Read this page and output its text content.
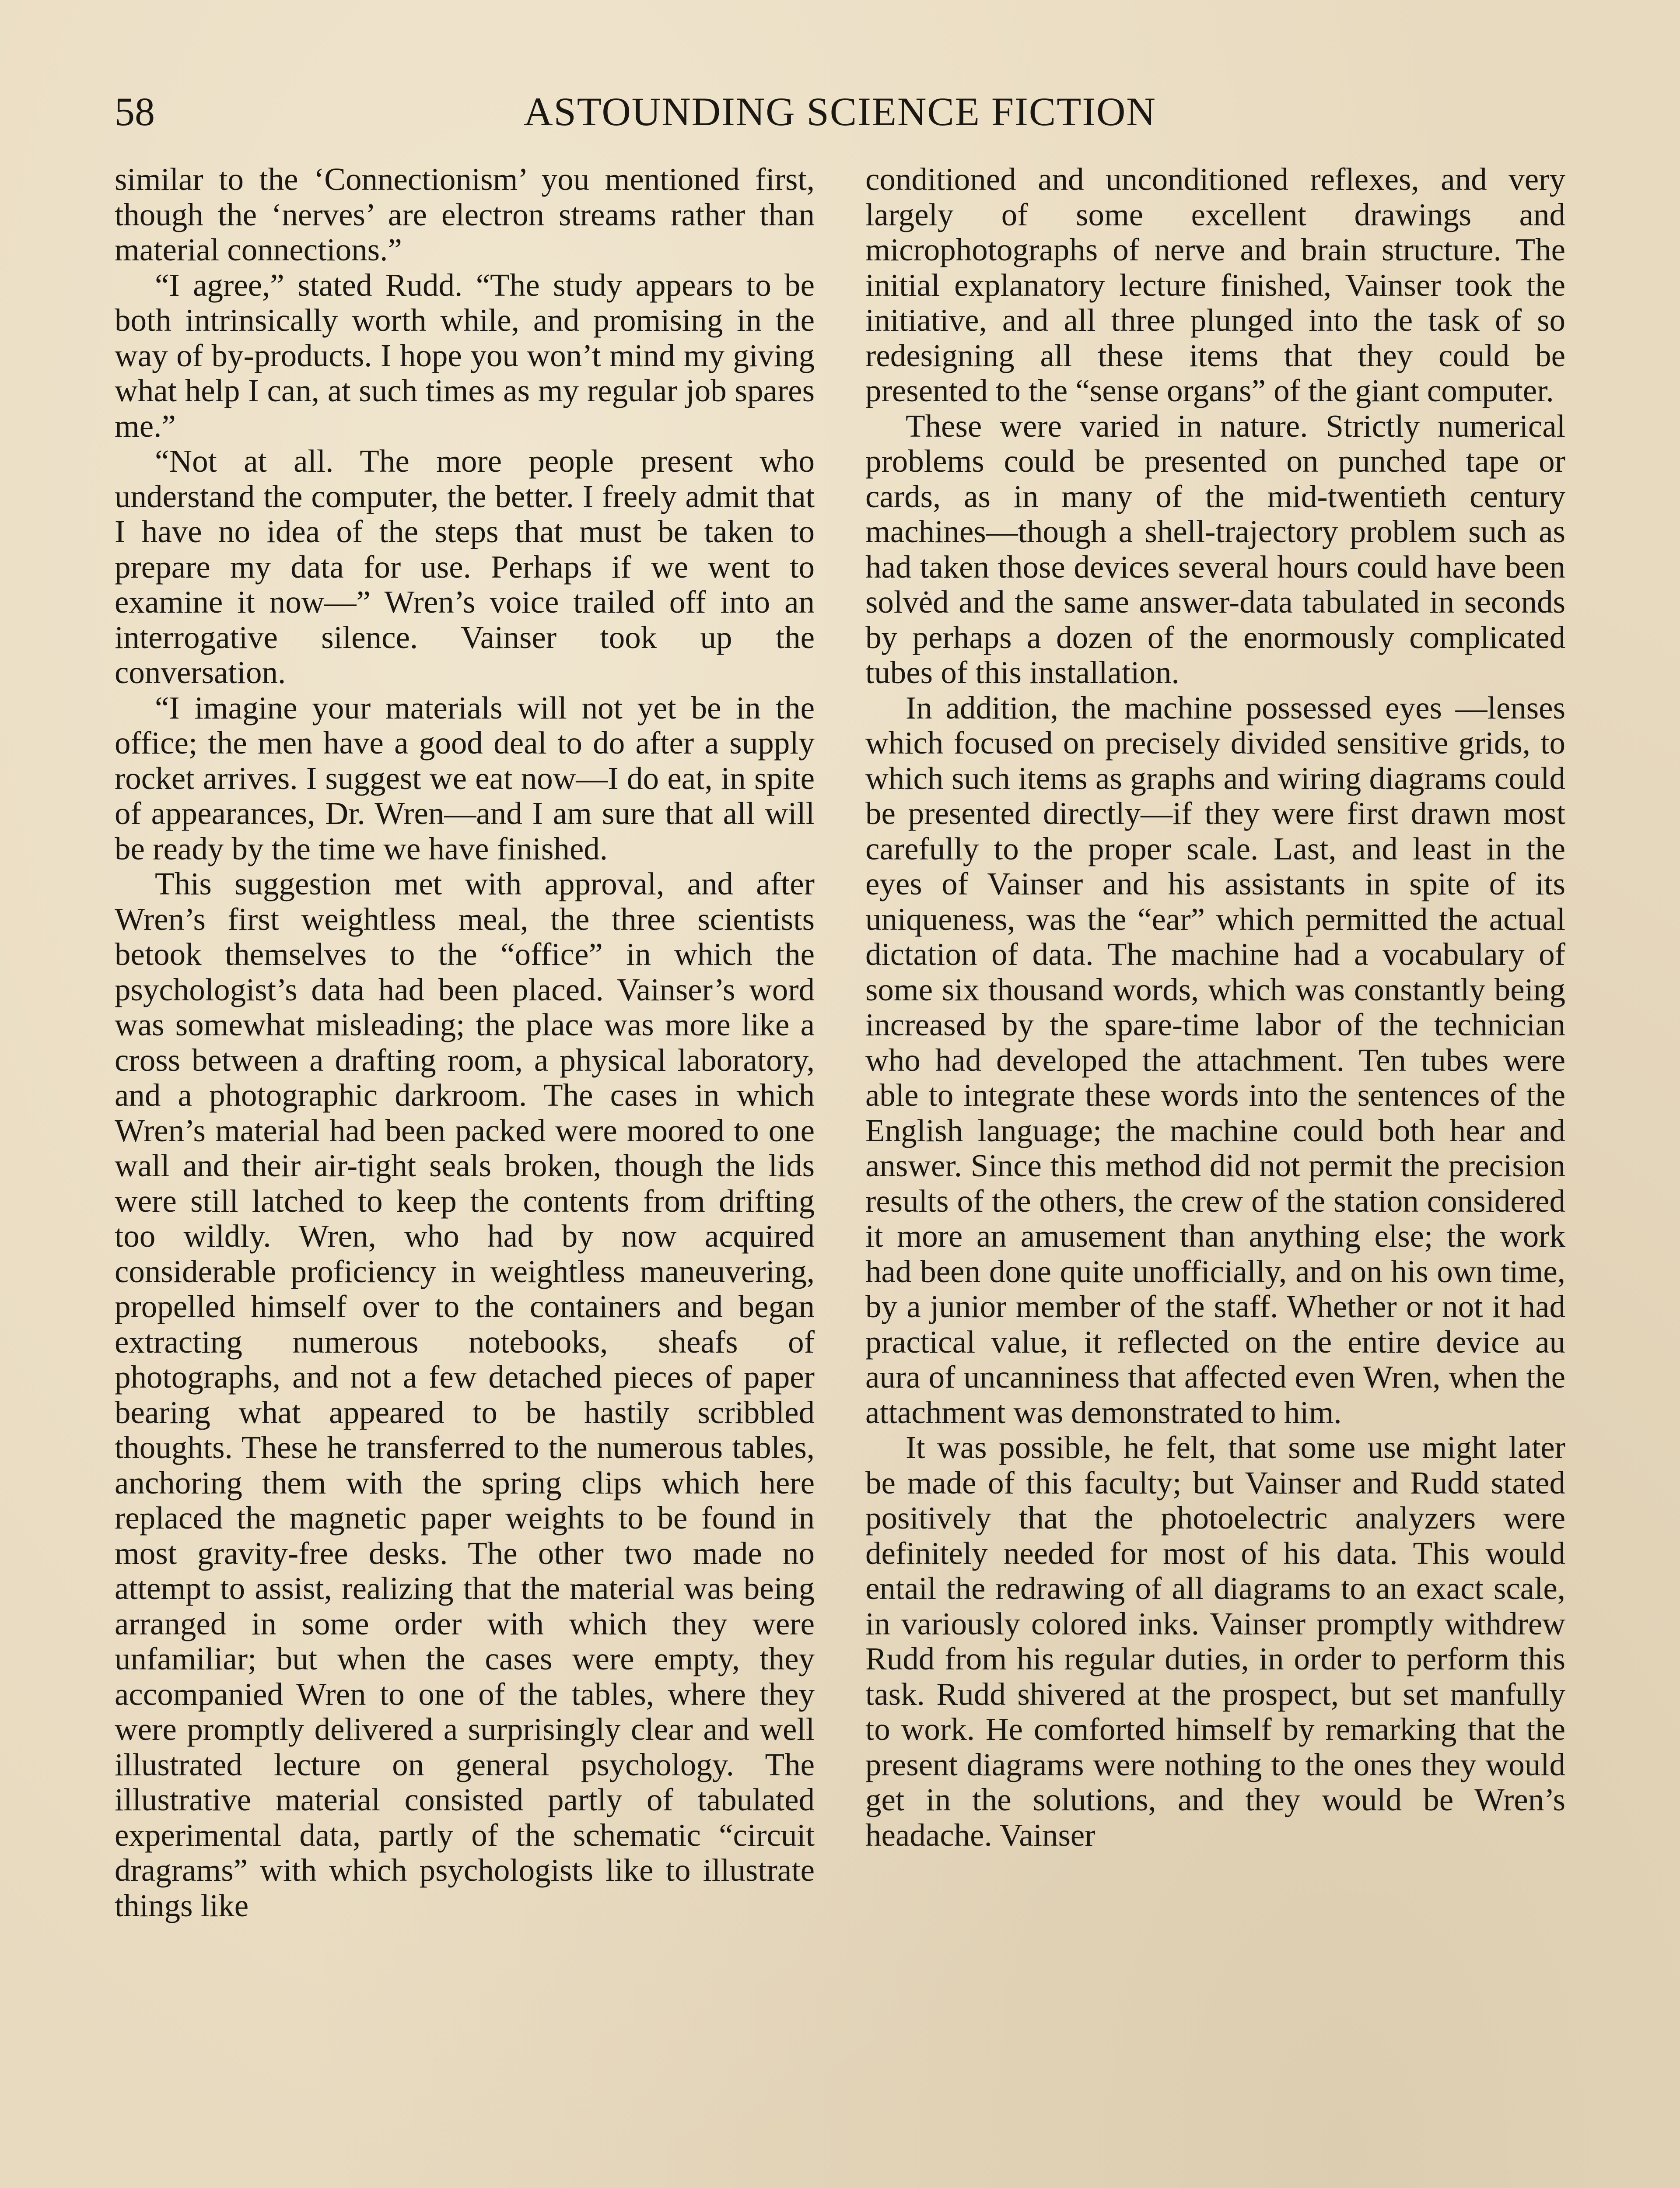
58	ASTOUNDING SCIENCE FICTION

similar to the ‘Connectionism’ you mentioned first, though the ‘nerves’ are electron streams rather than material connections.”

“I agree,” stated Rudd. “The study appears to be both intrinsically worth while, and promising in the way of by-products. I hope you won’t mind my giving what help I can, at such times as my regular job spares me.”

“Not at all. The more people present who understand the computer, the better. I freely admit that I have no idea of the steps that must be taken to prepare my data for use. Perhaps if we went to examine it now—” Wren’s voice trailed off into an interrogative silence. Vainser took up the conversation.

“I imagine your materials will not yet be in the office; the men have a good deal to do after a supply rocket arrives. I suggest we eat now—I do eat, in spite of appearances, Dr. Wren—and I am sure that all will be ready by the time we have finished.

This suggestion met with approval, and after Wren’s first weightless meal, the three scientists betook themselves to the “office” in which the psychologist’s data had been placed. Vainser’s word was somewhat misleading; the place was more like a cross between a drafting room, a physical laboratory, and a photographic darkroom. The cases in which Wren’s material had been packed were moored to one wall and their air-tight seals broken, though the lids were still latched to keep the contents from drifting too wildly. Wren, who had by now acquired considerable proficiency in weightless maneuvering, propelled himself over to the containers and began extracting numerous notebooks, sheafs of photographs, and not a few detached pieces of paper bearing what appeared to be hastily scribbled thoughts. These he transferred to the numerous tables, anchoring them with the spring clips which here replaced the magnetic paper weights to be found in most gravity-free desks. The other two made no attempt to assist, realizing that the material was being arranged in some order with which they were unfamiliar; but when the cases were empty, they accompanied Wren to one of the tables, where they were promptly delivered a surprisingly clear and well illustrated lecture on general psychology. The illustrative material consisted partly of tabulated experimental data, partly of the schematic “circuit dragrams” with which psychologists like to illustrate things like

conditioned and unconditioned reflexes, and very largely of some excellent drawings and microphotographs of nerve and brain structure. The initial explanatory lecture finished, Vainser took the initiative, and all three plunged into the task of so redesigning all these items that they could be presented to the “sense organs” of the giant computer.

These were varied in nature. Strictly numerical problems could be presented on punched tape or cards, as in many of the mid-twentieth century machines—though a shell-trajectory problem such as had taken those devices several hours could have been solvėd and the same answer-data tabulated in seconds by perhaps a dozen of the enormously complicated tubes of this installation.

In addition, the machine possessed eyes —lenses which focused on precisely divided sensitive grids, to which such items as graphs and wiring diagrams could be presented directly—if they were first drawn most carefully to the proper scale. Last, and least in the eyes of Vainser and his assistants in spite of its uniqueness, was the “ear” which permitted the actual dictation of data. The machine had a vocabulary of some six thousand words, which was constantly being increased by the spare-time labor of the technician who had developed the attachment. Ten tubes were able to integrate these words into the sentences of the English language; the machine could both hear and answer. Since this method did not permit the precision results of the others, the crew of the station considered it more an amusement than anything else; the work had been done quite unofficially, and on his own time, by a junior member of the staff. Whether or not it had practical value, it reflected on the entire device au aura of uncanniness that affected even Wren, when the attachment was demonstrated to him.

It was possible, he felt, that some use might later be made of this faculty; but Vainser and Rudd stated positively that the photoelectric analyzers were definitely needed for most of his data. This would entail the redrawing of all diagrams to an exact scale, in variously colored inks. Vainser promptly withdrew Rudd from his regular duties, in order to perform this task. Rudd shivered at the prospect, but set manfully to work. He comforted himself by remarking that the present diagrams were nothing to the ones they would get in the solutions, and they would be Wren’s headache. Vainser
